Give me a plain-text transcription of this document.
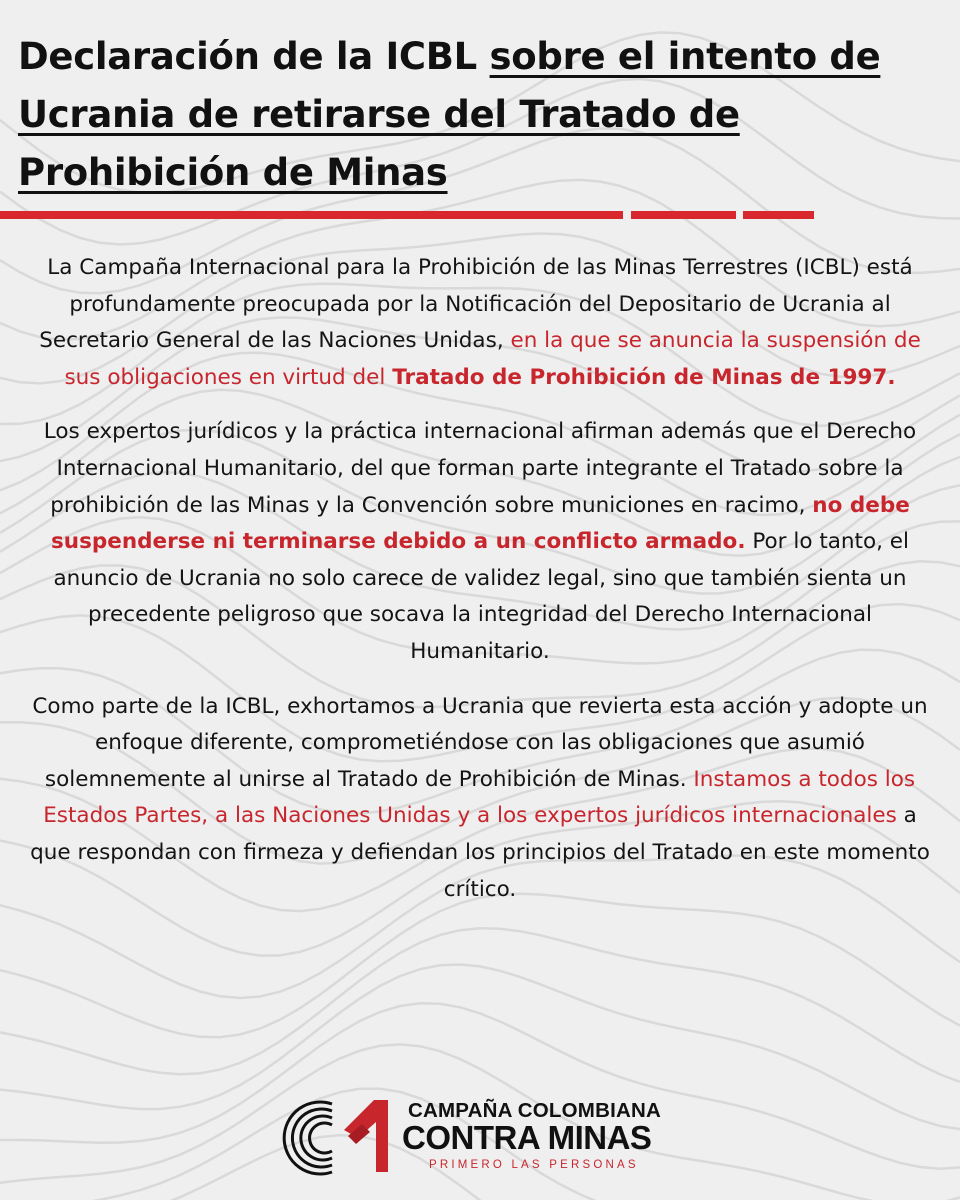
Declaración de la ICBL sobre el intento de Ucrania de retirarse del Tratado de Prohibición de Minas

La Campaña Internacional para la Prohibición de las Minas Terrestres (ICBL) está profundamente preocupada por la Notificación del Depositario de Ucrania al Secretario General de las Naciones Unidas, en la que se anuncia la suspensión de sus obligaciones en virtud del Tratado de Prohibición de Minas de 1997.

Los expertos jurídicos y la práctica internacional afirman además que el Derecho Internacional Humanitario, del que forman parte integrante el Tratado sobre la prohibición de las Minas y la Convención sobre municiones en racimo, no debe suspenderse ni terminarse debido a un conflicto armado. Por lo tanto, el anuncio de Ucrania no solo carece de validez legal, sino que también sienta un precedente peligroso que socava la integridad del Derecho Internacional Humanitario.

Como parte de la ICBL, exhortamos a Ucrania que revierta esta acción y adopte un enfoque diferente, comprometiéndose con las obligaciones que asumió solemnemente al unirse al Tratado de Prohibición de Minas. Instamos a todos los Estados Partes, a las Naciones Unidas y a los expertos jurídicos internacionales a que respondan con firmeza y defiendan los principios del Tratado en este momento crítico.

CAMPAÑA COLOMBIANA
CONTRA MINAS
PRIMERO LAS PERSONAS
